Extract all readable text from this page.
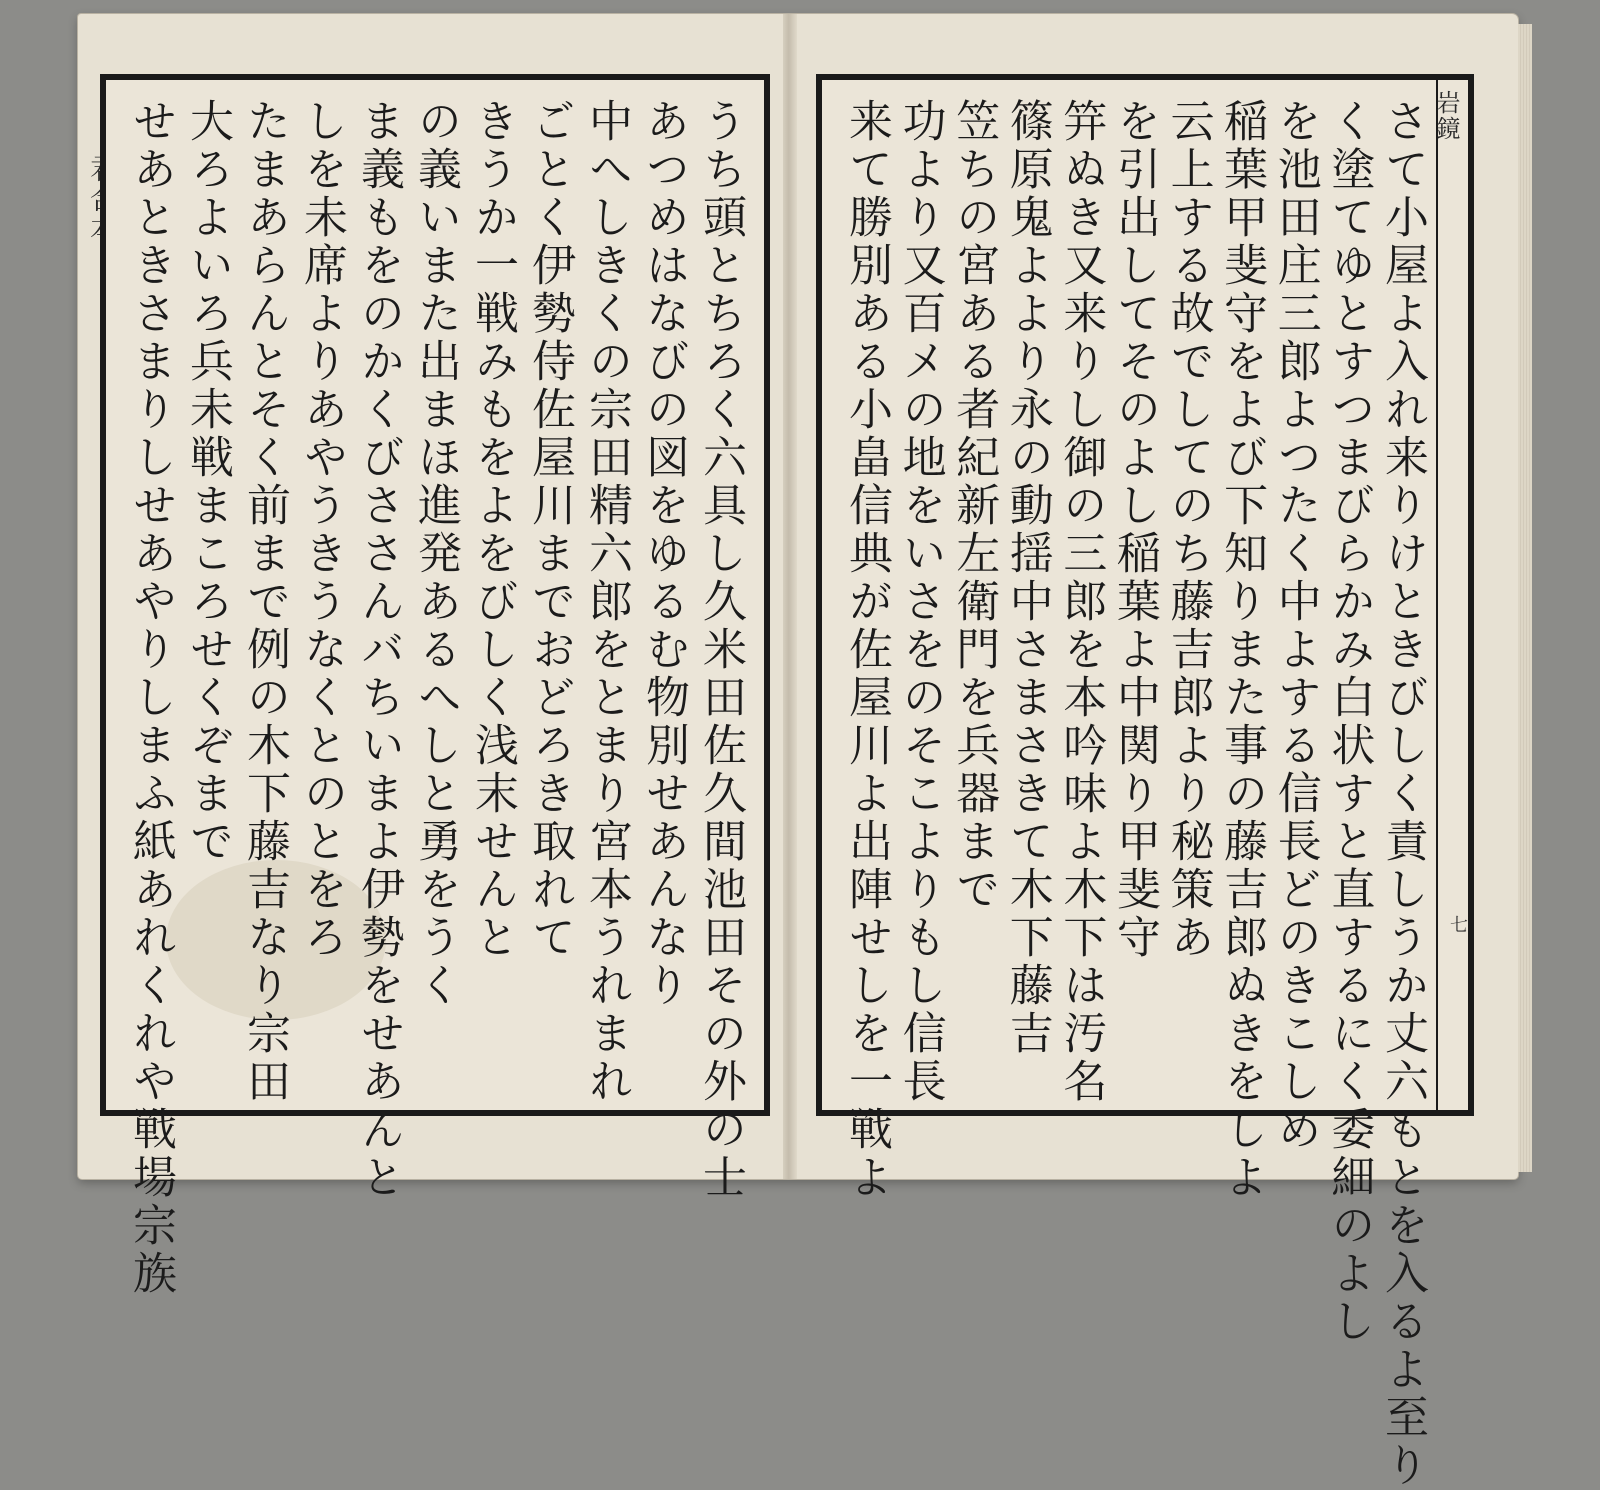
うち頭とちろく六具し久米田佐久間池田その外の士
あつめはなびの図をゆるむ物別せあんなり
中へしきくの宗田精六郎をとまり宮本うれまれ
ごとく伊勢侍佐屋川までおどろき取れて
きうか一戦みもをよをびしく浅末せんと
の義いまた出まほ進発あるへしと勇をうく
ま義もをのかくびささんバちいまよ伊勢をせあんと
しを未席よりあやうきうなくとのとをろ
たまあらんとそく前まで例の木下藤吉なり宗田
大ろよいろ兵未戦まころせくぞまで
せあときさまりしせあやりしまふ紙あれくれや戦場宗族	岩鏡
七
さて小屋よ入れ来りけときびしく責しうか丈六もとを入るよ至り
く塗てゆとすつまびらかみ白状すと直するにく委細のよし
を池田庄三郎よつたく中よする信長どのきこしめ
稲葉甲斐守をよび下知りまた事の藤吉郎ぬきをしよ
云上する故でしてのち藤吉郎より秘策あ
を引出してそのよし稲葉よ中関り甲斐守
笄ぬき又来りし御の三郎を本吟味よ木下は汚名
篠原鬼よより永の動揺中さまさきて木下藤吉
笠ちの宮ある者紀新左衛門を兵器まで
功より又百メの地をいさをのそこよりもし信長
来て勝別ある小畠信典が佐屋川よ出陣せしを一戦よ
